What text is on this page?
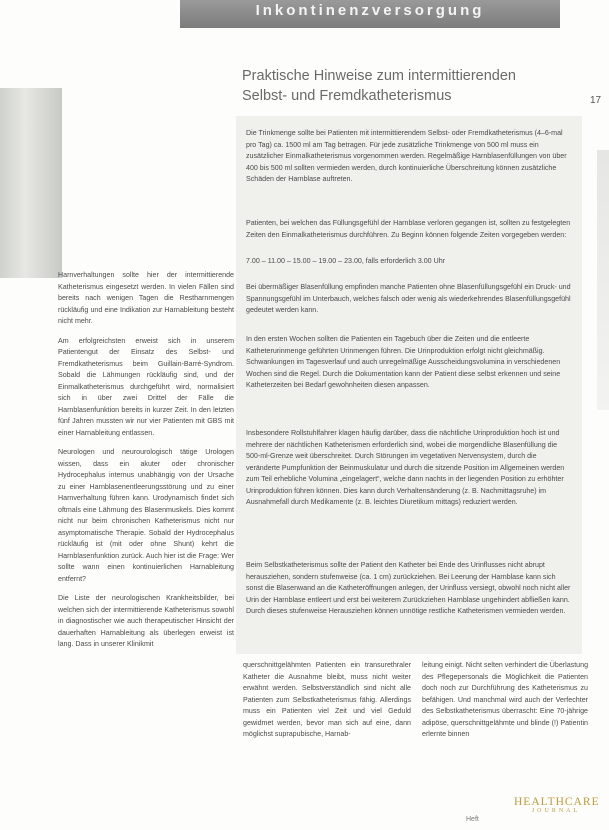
Inkontinenzversorgung
17
Praktische Hinweise zum intermittierenden
Selbst- und Fremdkatheterismus
Die Trinkmenge sollte bei Patienten mit intermittierendem Selbst- oder Fremdkatheterismus (4–6-mal pro Tag) ca. 1500 ml am Tag betragen. Für jede zusätzliche Trinkmenge von 500 ml muss ein zusätzlicher Einmalkatheterismus vorgenommen werden. Regelmäßige Harnblasenfüllungen von über 400 bis 500 ml sollten vermieden werden, durch kontinuierliche Überschreitung können zusätzliche Schäden der Harnblase auftreten.
Patienten, bei welchen das Füllungsgefühl der Harnblase verloren gegangen ist, sollten zu festgelegten Zeiten den Einmalkatheterismus durchführen. Zu Beginn können folgende Zeiten vorgegeben werden:
7.00 – 11.00 – 15.00 – 19.00 – 23.00, falls erforderlich 3.00 Uhr
Bei übermäßiger Blasenfüllung empfinden manche Patienten ohne Blasenfüllungsgefühl ein Druck- und Spannungsgefühl im Unterbauch, welches falsch oder wenig als wiederkehrendes Blasenfüllungsgefühl gedeutet werden kann.
In den ersten Wochen sollten die Patienten ein Tagebuch über die Zeiten und die entleerte Katheterurinmenge geführten Urinmengen führen. Die Urinproduktion erfolgt nicht gleichmäßig. Schwankungen im Tagesverlauf und auch unregelmäßige Ausscheidungsvolumina in verschiedenen Wochen sind die Regel. Durch die Dokumentation kann der Patient diese selbst erkennen und seine Katheterzeiten bei Bedarf gewohnheiten diesen anpassen.
Insbesondere Rollstuhlfahrer klagen häufig darüber, dass die nächtliche Urinproduktion hoch ist und mehrere der nächtlichen Katheterismen erforderlich sind, wobei die morgendliche Blasenfüllung die 500-ml-Grenze weit überschreitet. Durch Störungen im vegetativen Nervensystem, durch die veränderte Pumpfunktion der Beinmuskulatur und durch die sitzende Position im Allgemeinen werden zum Teil erhebliche Volumina „eingelagert“, welche dann nachts in der liegenden Position zu erhöhter Urinproduktion führen können. Dies kann durch Verhaltensänderung (z. B. Nachmittagsruhe) im Ausnahmefall durch Medikamente (z. B. leichtes Diuretikum mittags) reduziert werden.
Beim Selbstkatheterismus sollte der Patient den Katheter bei Ende des Urinflusses nicht abrupt herausziehen, sondern stufenweise (ca. 1 cm) zurückziehen. Bei Leerung der Harnblase kann sich sonst die Blasenwand an die Katheteröffnungen anlegen, der Urinfluss versiegt, obwohl noch nicht aller Urin der Harnblase entleert und erst bei weiterem Zurückziehen Harnblase ungehindert abfließen kann. Durch dieses stufenweise Herausziehen können unnötige restliche Katheterismen vermieden werden.

Harnverhaltungen sollte hier der intermittierende Katheterismus eingesetzt werden. In vielen Fällen sind bereits nach wenigen Tagen die Restharnmengen rückläufig und eine Indikation zur Harnableitung besteht nicht mehr.

Am erfolgreichsten erweist sich in unserem Patientengut der Einsatz des Selbst- und Fremdkatheterismus beim Guillain-Barré-Syndrom. Sobald die Lähmungen rückläufig sind, und der Einmalkatheterismus durchgeführt wird, normalisiert sich in über zwei Drittel der Fälle die Harnblasenfunktion bereits in kurzer Zeit. In den letzten fünf Jahren mussten wir nur vier Patienten mit GBS mit einer Harnableitung entlassen.

Neurologen und neurourologisch tätige Urologen wissen, dass ein akuter oder chronischer Hydrocephalus internus unabhängig von der Ursache zu einer Harnblasenentleerungsstörung und zu einer Harnverhaltung führen kann. Urodynamisch findet sich oftmals eine Lähmung des Blasenmuskels. Dies kommt nicht nur beim chronischen Katheterismus nicht nur asymptomatische Therapie. Sobald der Hydrocephalus rückläufig ist (mit oder ohne Shunt) kehrt die Harnblasenfunktion zurück. Auch hier ist die Frage: Wer sollte wann einen kontinuierlichen Harnableitung entfernt?

Die Liste der neurologischen Krankheitsbilder, bei welchen sich der intermittierende Katheterismus sowohl in diagnostischer wie auch therapeutischer Hinsicht der dauerhaften Harnableitung als überlegen erweist ist lang. Dass in unserer Klinikmit

querschnittgelähmten Patienten ein transurethraler Katheter die Ausnahme bleibt, muss nicht weiter erwähnt werden. Selbstverständlich sind nicht alle Patienten zum Selbstkatheterismus fähig. Allerdings muss ein Patienten viel Zeit und viel Geduld gewidmet werden, bevor man sich auf eine, dann möglichst suprapubische, Harnab-

leitung einigt. Nicht selten verhindert die Überlastung des Pflegepersonals die Möglichkeit die Patienten doch noch zur Durchführung des Katheterismus zu befähigen. Und manchmal wird auch der Verfechter des Selbstkatheterismus überrascht: Eine 70-jährige adipöse, querschnittgelähmte und blinde (!) Patientin erlernte binnen

Heft
HEALTHCARE
JOURNAL
